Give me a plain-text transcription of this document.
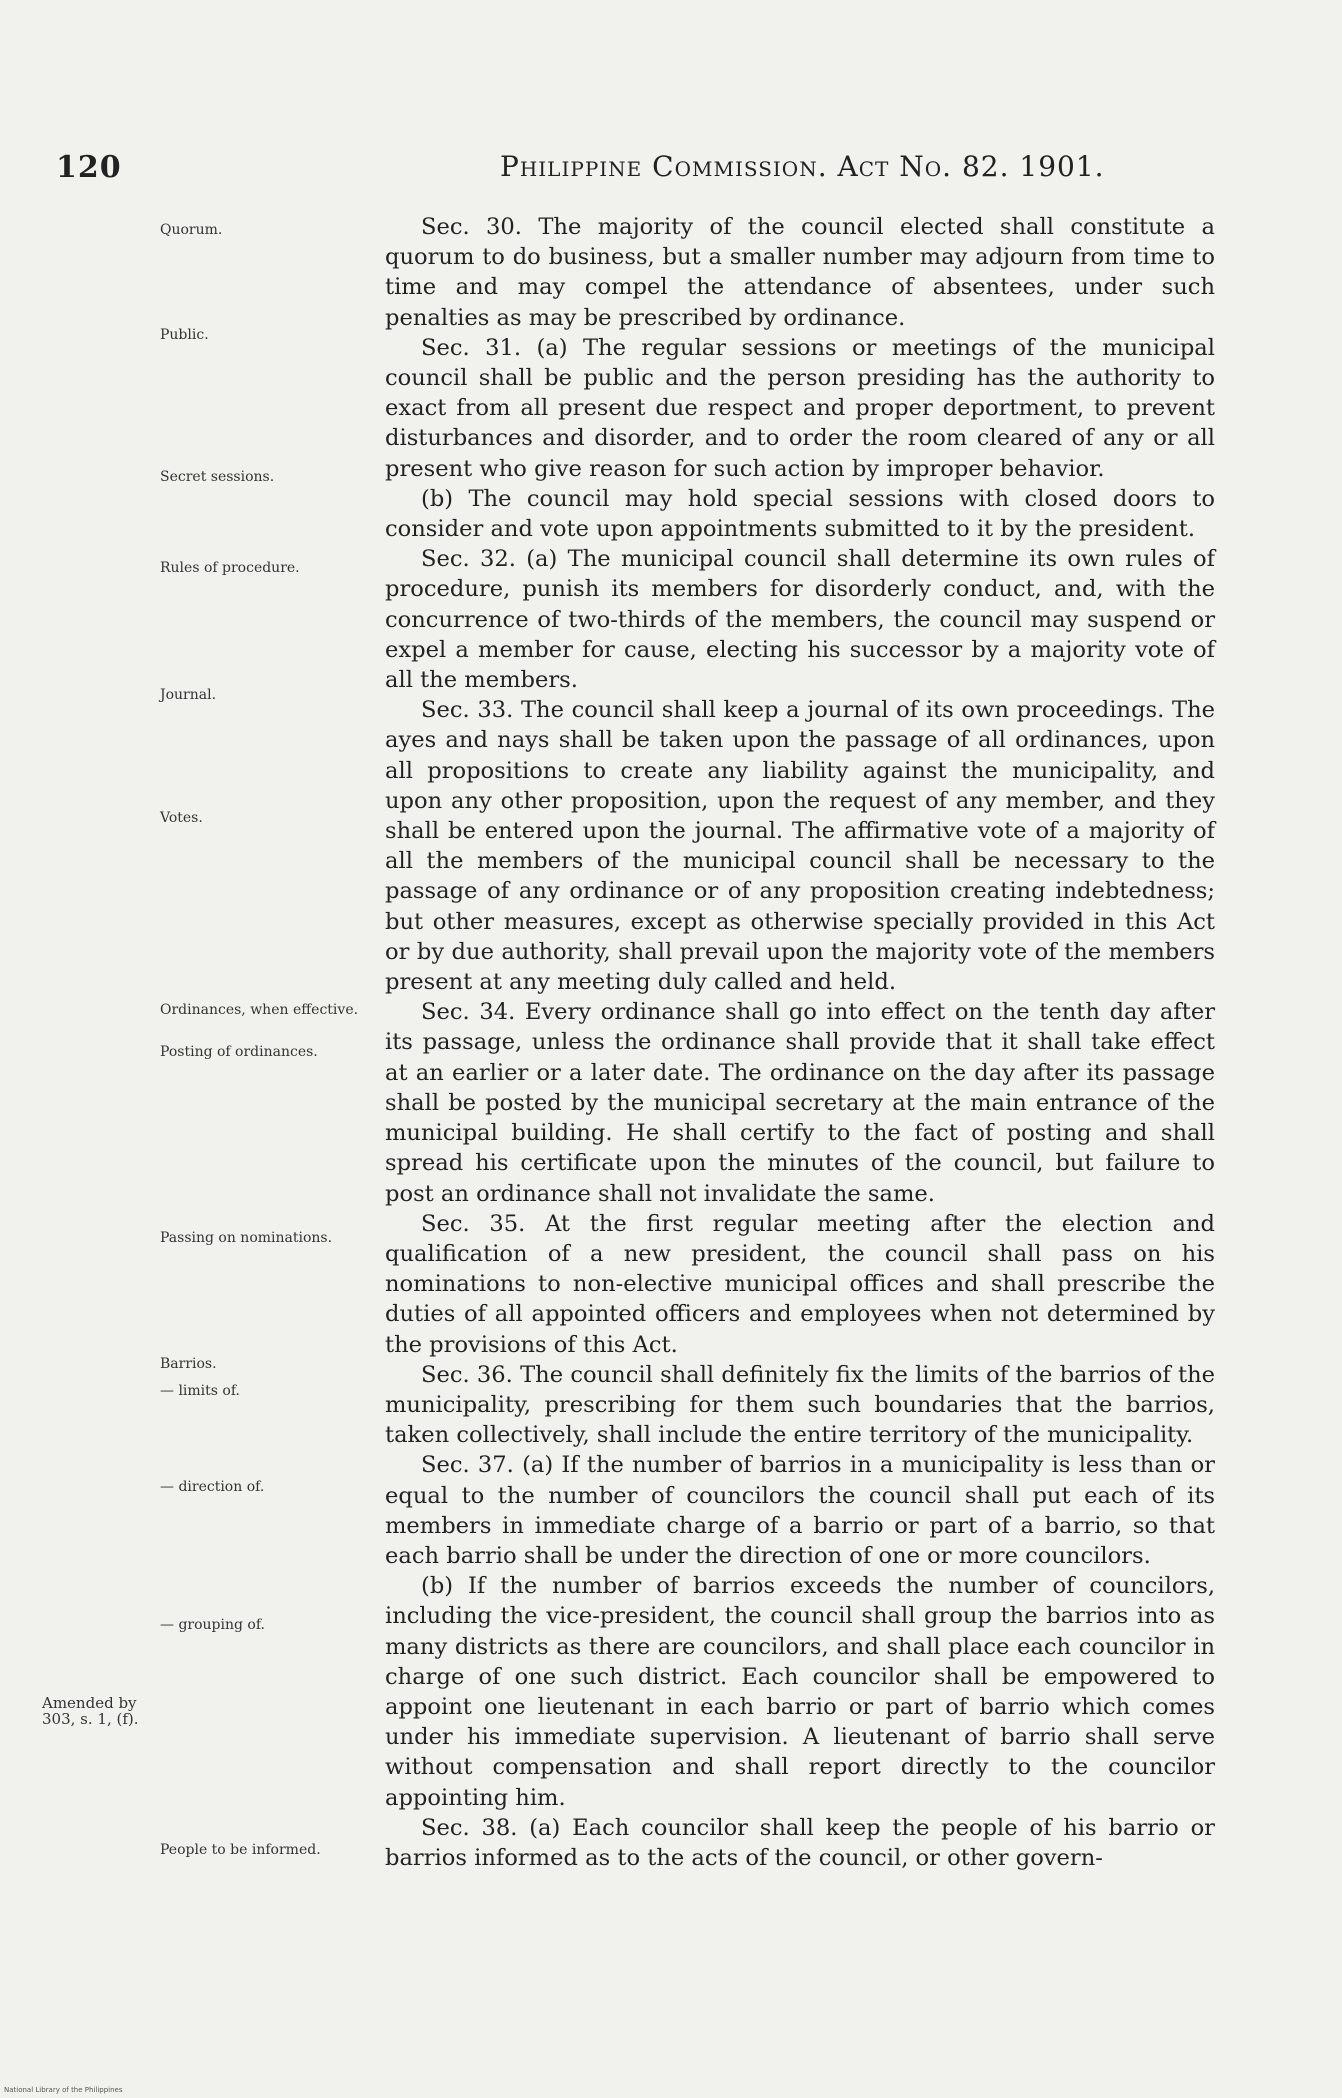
120	Philippine Commission. Act No. 82. 1901.
Quorum.
Public.
Secret sessions.
Rules of procedure.
Journal.
Votes.
Ordinances, when effective.
Posting of ordinances.
Passing on nominations.
Barrios.
— limits of.
— direction of.
— grouping of.
Amended by 303, s. 1, (f).
People to be informed.

Sec. 30. The majority of the council elected shall constitute a quorum to do business, but a smaller number may adjourn from time to time and may compel the attendance of absentees, under such penalties as may be prescribed by ordinance.

Sec. 31. (a) The regular sessions or meetings of the municipal council shall be public and the person presiding has the authority to exact from all present due respect and proper deportment, to prevent disturbances and disorder, and to order the room cleared of any or all present who give reason for such action by improper behavior.

(b) The council may hold special sessions with closed doors to consider and vote upon appointments submitted to it by the president.

Sec. 32. (a) The municipal council shall determine its own rules of procedure, punish its members for disorderly conduct, and, with the concurrence of two-thirds of the members, the council may suspend or expel a member for cause, electing his successor by a majority vote of all the members.

Sec. 33. The council shall keep a journal of its own proceedings. The ayes and nays shall be taken upon the passage of all ordinances, upon all propositions to create any liability against the municipality, and upon any other proposition, upon the request of any member, and they shall be entered upon the journal. The affirmative vote of a majority of all the members of the municipal council shall be necessary to the passage of any ordinance or of any proposition creating indebtedness; but other measures, except as otherwise specially provided in this Act or by due authority, shall prevail upon the majority vote of the members present at any meeting duly called and held.

Sec. 34. Every ordinance shall go into effect on the tenth day after its passage, unless the ordinance shall provide that it shall take effect at an earlier or a later date. The ordinance on the day after its passage shall be posted by the municipal secretary at the main entrance of the municipal building. He shall certify to the fact of posting and shall spread his certificate upon the minutes of the council, but failure to post an ordinance shall not invalidate the same.

Sec. 35. At the first regular meeting after the election and qualification of a new president, the council shall pass on his nominations to non-elective municipal offices and shall prescribe the duties of all appointed officers and employees when not determined by the provisions of this Act.

Sec. 36. The council shall definitely fix the limits of the barrios of the municipality, prescribing for them such boundaries that the barrios, taken collectively, shall include the entire territory of the municipality.

Sec. 37. (a) If the number of barrios in a municipality is less than or equal to the number of councilors the council shall put each of its members in immediate charge of a barrio or part of a barrio, so that each barrio shall be under the direction of one or more councilors.

(b) If the number of barrios exceeds the number of councilors, including the vice-president, the council shall group the barrios into as many districts as there are councilors, and shall place each councilor in charge of one such district. Each councilor shall be empowered to appoint one lieutenant in each barrio or part of barrio which comes under his immediate supervision. A lieutenant of barrio shall serve without compensation and shall report directly to the councilor appointing him.

Sec. 38. (a) Each councilor shall keep the people of his barrio or barrios informed as to the acts of the council, or other govern-

National Library of the Philippines
